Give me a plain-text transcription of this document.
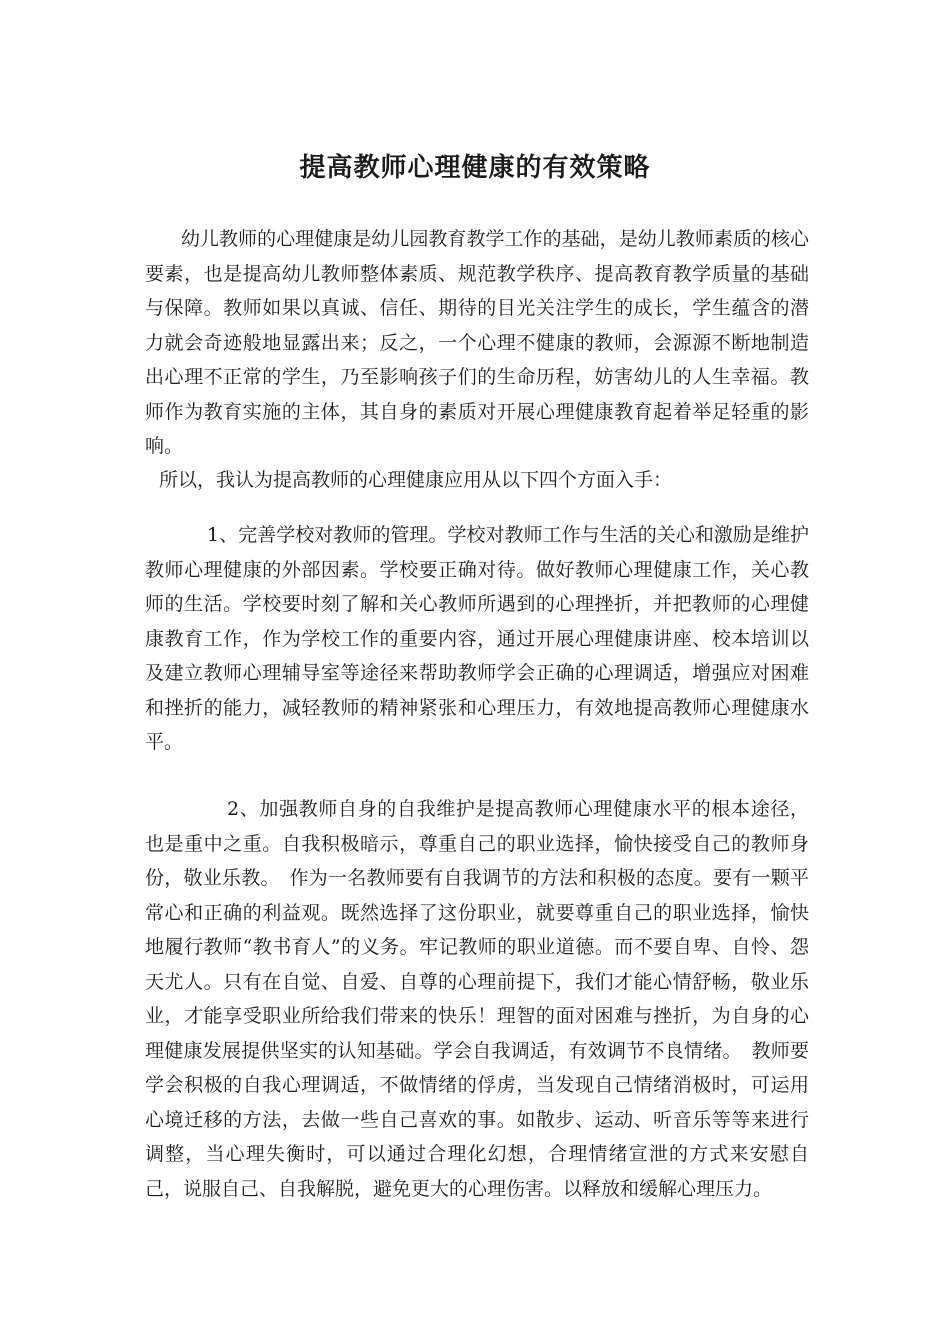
提高教师心理健康的有效策略

幼儿教师的心理健康是幼儿园教育教学工作的基础，是幼儿教师素质的核心要素，也是提高幼儿教师整体素质、规范教学秩序、提高教育教学质量的基础与保障。教师如果以真诚、信任、期待的目光关注学生的成长，学生蕴含的潜力就会奇迹般地显露出来；反之，一个心理不健康的教师，会源源不断地制造出心理不正常的学生，乃至影响孩子们的生命历程，妨害幼儿的人生幸福。教师作为教育实施的主体，其自身的素质对开展心理健康教育起着举足轻重的影响。

所以，我认为提高教师的心理健康应用从以下四个方面入手：

1、完善学校对教师的管理。学校对教师工作与生活的关心和激励是维护教师心理健康的外部因素。学校要正确对待。做好教师心理健康工作，关心教师的生活。学校要时刻了解和关心教师所遇到的心理挫折，并把教师的心理健康教育工作，作为学校工作的重要内容，通过开展心理健康讲座、校本培训以及建立教师心理辅导室等途径来帮助教师学会正确的心理调适，增强应对困难和挫折的能力，减轻教师的精神紧张和心理压力，有效地提高教师心理健康水平。

2、加强教师自身的自我维护是提高教师心理健康水平的根本途径，也是重中之重。自我积极暗示，尊重自己的职业选择，愉快接受自己的教师身份，敬业乐教。　作为一名教师要有自我调节的方法和积极的态度。要有一颗平常心和正确的利益观。既然选择了这份职业，就要尊重自己的职业选择，愉快地履行教师“教书育人”的义务。牢记教师的职业道德。而不要自卑、自怜、怨天尤人。只有在自觉、自爱、自尊的心理前提下，我们才能心情舒畅，敬业乐业，才能享受职业所给我们带来的快乐！理智的面对困难与挫折，为自身的心理健康发展提供坚实的认知基础。学会自我调适，有效调节不良情绪。　教师要学会积极的自我心理调适，不做情绪的俘虏，当发现自己情绪消极时，可运用心境迁移的方法，去做一些自己喜欢的事。如散步、运动、听音乐等等来进行调整，当心理失衡时，可以通过合理化幻想，合理情绪宣泄的方式来安慰自己，说服自己、自我解脱，避免更大的心理伤害。以释放和缓解心理压力。
